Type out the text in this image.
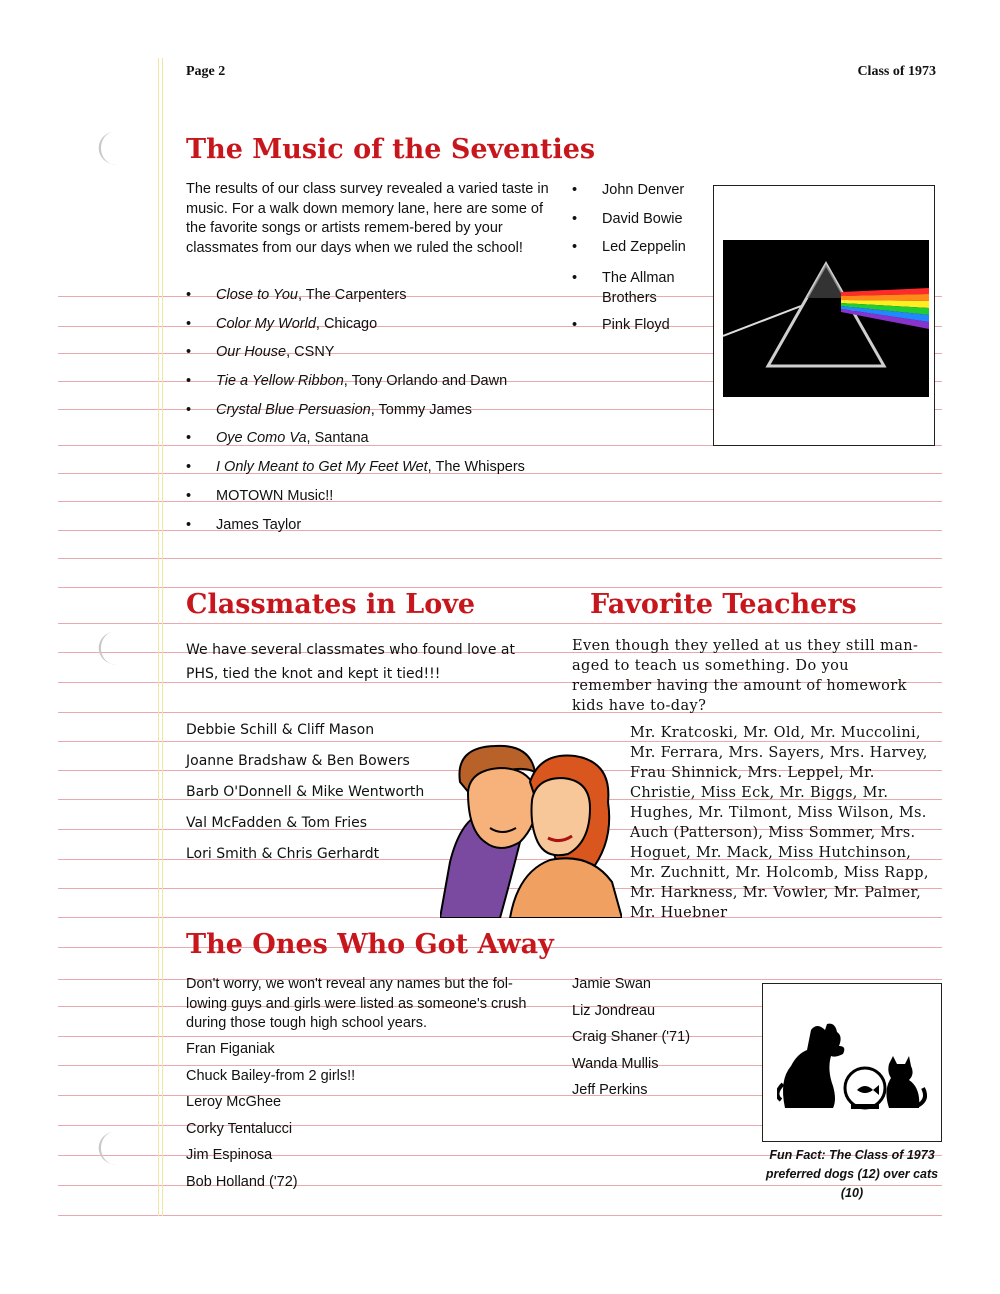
Page 2	Class of 1973
The Music of the Seventies

The results of our class survey revealed a varied taste in music. For a walk down memory lane, here are some of the favorite songs or artists remem-bered by your classmates from our days when we ruled the school!

• Close to You, The Carpenters
• Color My World, Chicago
• Our House, CSNY
• Tie a Yellow Ribbon, Tony Orlando and Dawn
• Crystal Blue Persuasion, Tommy James
• Oye Como Va, Santana
• I Only Meant to Get My Feet Wet, The Whispers
• MOTOWN Music!!
• James Taylor
• John Denver
• David Bowie
• Led Zeppelin
• The Allman Brothers
• Pink Floyd
Classmates in Love

We have several classmates who found love at PHS, tied the knot and kept it tied!!!

Debbie Schill & Cliff Mason
Joanne Bradshaw & Ben Bowers
Barb O'Donnell & Mike Wentworth
Val McFadden & Tom Fries
Lori Smith & Chris Gerhardt
Favorite Teachers

Even though they yelled at us they still man-aged to teach us something. Do you remember having the amount of homework kids have to-day?

Mr. Kratcoski, Mr. Old, Mr. Muccolini, Mr. Ferrara, Mrs. Sayers, Mrs. Harvey, Frau Shinnick, Mrs. Leppel, Mr. Christie, Miss Eck, Mr. Biggs, Mr. Hughes, Mr. Tilmont, Miss Wilson, Ms. Auch (Patterson), Miss Sommer, Mrs. Hoguet, Mr. Mack, Miss Hutchinson, Mr. Zuchnitt, Mr. Holcomb, Miss Rapp, Mr. Harkness, Mr. Vowler, Mr. Palmer, Mr. Huebner

The Ones Who Got Away

Don't worry, we won't reveal any names but the fol-lowing guys and girls were listed as someone's crush during those tough high school years.

Fran Figaniak
Chuck Bailey-from 2 girls!!
Leroy McGhee
Corky Tentalucci
Jim Espinosa
Bob Holland ('72)
Jamie Swan
Liz Jondreau
Craig Shaner ('71)
Wanda Mullis
Jeff Perkins
Fun Fact: The Class of 1973 preferred dogs (12) over cats (10)
